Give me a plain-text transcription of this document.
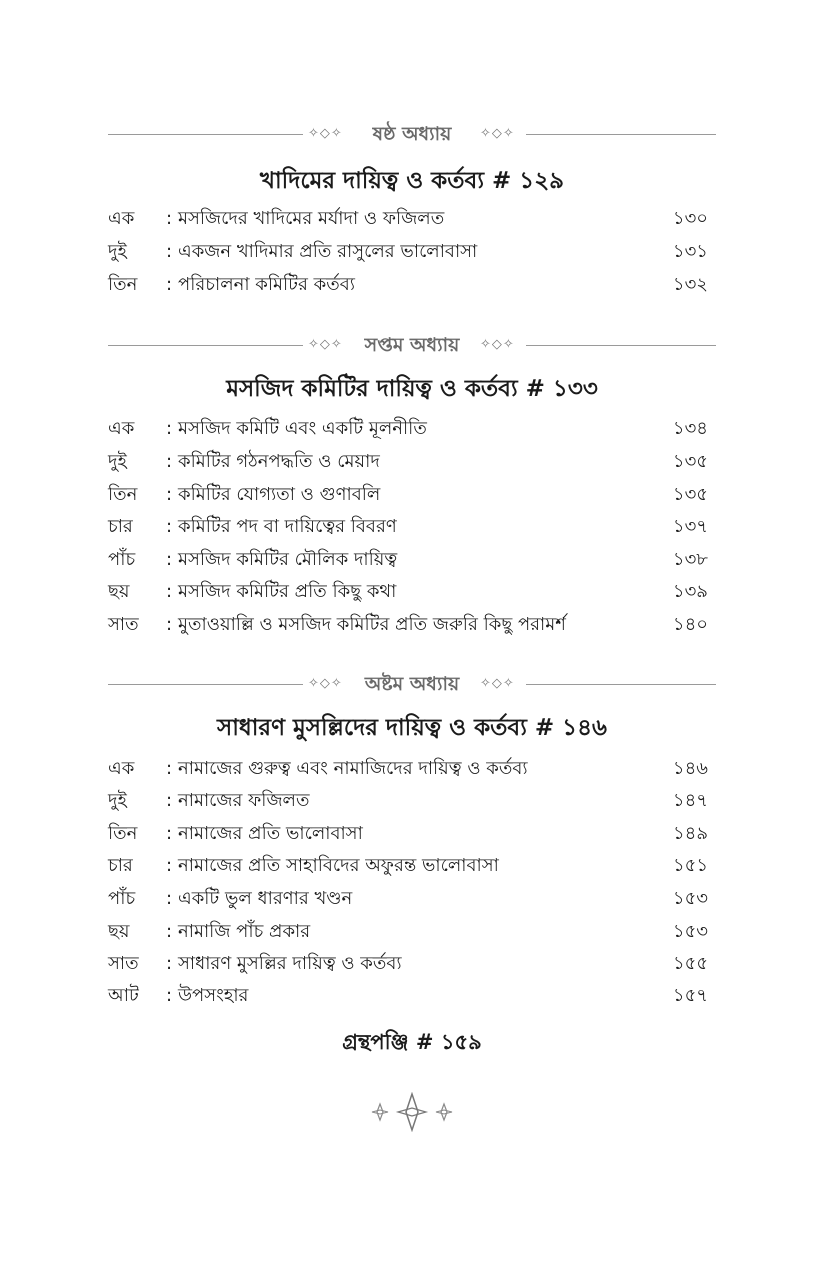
✧◇✧	ষষ্ঠ অধ্যায়	✧◇✧
খাদিমের দায়িত্ব ও কর্তব্য # ১২৯
এক : মসজিদের খাদিমের মর্যাদা ও ফজিলত	১৩০
দুই : একজন খাদিমার প্রতি রাসুলের ভালোবাসা	১৩১
তিন : পরিচালনা কমিটির কর্তব্য	১৩২
✧◇✧	সপ্তম অধ্যায়	✧◇✧
মসজিদ কমিটির দায়িত্ব ও কর্তব্য # ১৩৩
এক : মসজিদ কমিটি এবং একটি মূলনীতি	১৩৪
দুই : কমিটির গঠনপদ্ধতি ও মেয়াদ	১৩৫
তিন : কমিটির যোগ্যতা ও গুণাবলি	১৩৫
চার : কমিটির পদ বা দায়িত্বের বিবরণ	১৩৭
পাঁচ : মসজিদ কমিটির মৌলিক দায়িত্ব	১৩৮
ছয় : মসজিদ কমিটির প্রতি কিছু কথা	১৩৯
সাত : মুতাওয়াল্লি ও মসজিদ কমিটির প্রতি জরুরি কিছু পরামর্শ	১৪০
✧◇✧	অষ্টম অধ্যায়	✧◇✧
সাধারণ মুসল্লিদের দায়িত্ব ও কর্তব্য # ১৪৬
এক : নামাজের গুরুত্ব এবং নামাজিদের দায়িত্ব ও কর্তব্য	১৪৬
দুই : নামাজের ফজিলত	১৪৭
তিন : নামাজের প্রতি ভালোবাসা	১৪৯
চার : নামাজের প্রতি সাহাবিদের অফুরন্ত ভালোবাসা	১৫১
পাঁচ : একটি ভুল ধারণার খণ্ডন	১৫৩
ছয় : নামাজি পাঁচ প্রকার	১৫৩
সাত : সাধারণ মুসল্লির দায়িত্ব ও কর্তব্য	১৫৫
আট : উপসংহার	১৫৭
গ্রন্থপঞ্জি # ১৫৯
